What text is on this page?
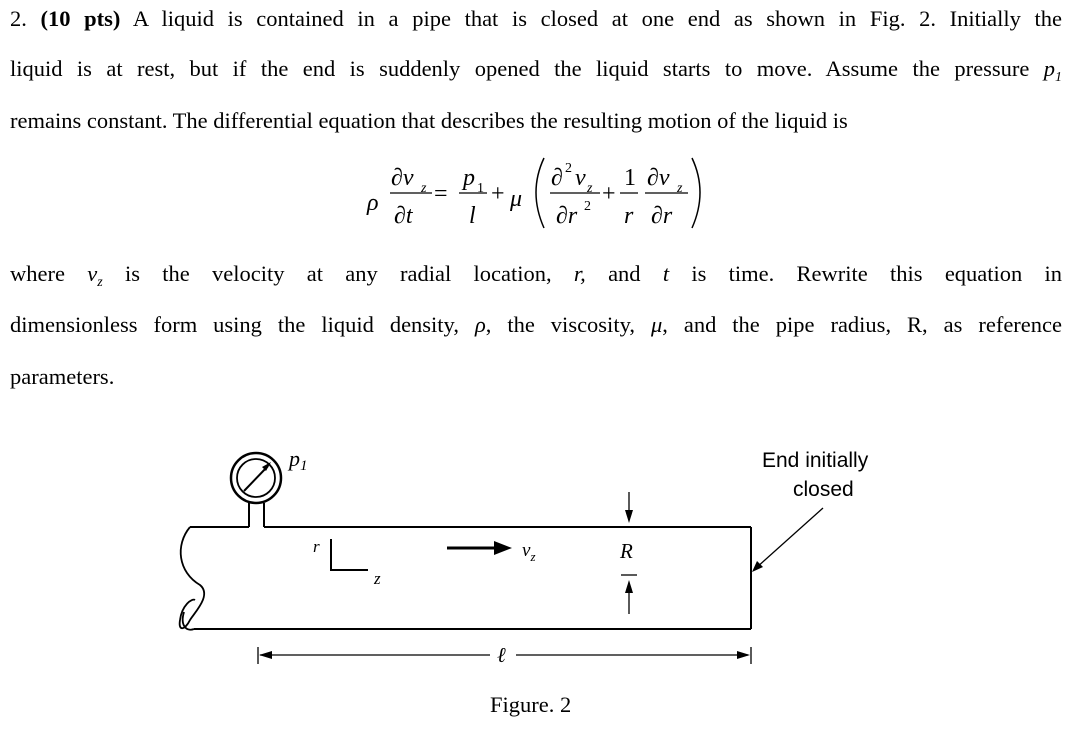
2. (10 pts) A liquid is contained in a pipe that is closed at one end as shown in Fig. 2. Initially the
liquid is at rest, but if the end is suddenly opened the liquid starts to move. Assume the pressure $p_1$
remains constant. The differential equation that describes the resulting motion of the liquid is
ρ
∂v z
∂t
=
p 1
l
+ μ
∂ 2 v z
∂r 2 +
1
r
∂v z
∂r
where $v_z$ is the velocity at any radial location, r, and t is time. Rewrite this equation in
dimensionless form using the liquid density, ρ, the viscosity, μ, and the pipe radius, R, as reference
parameters.
p1	End initially
closed
r
z
$v_z$	R
ℓ
Figure. 2
